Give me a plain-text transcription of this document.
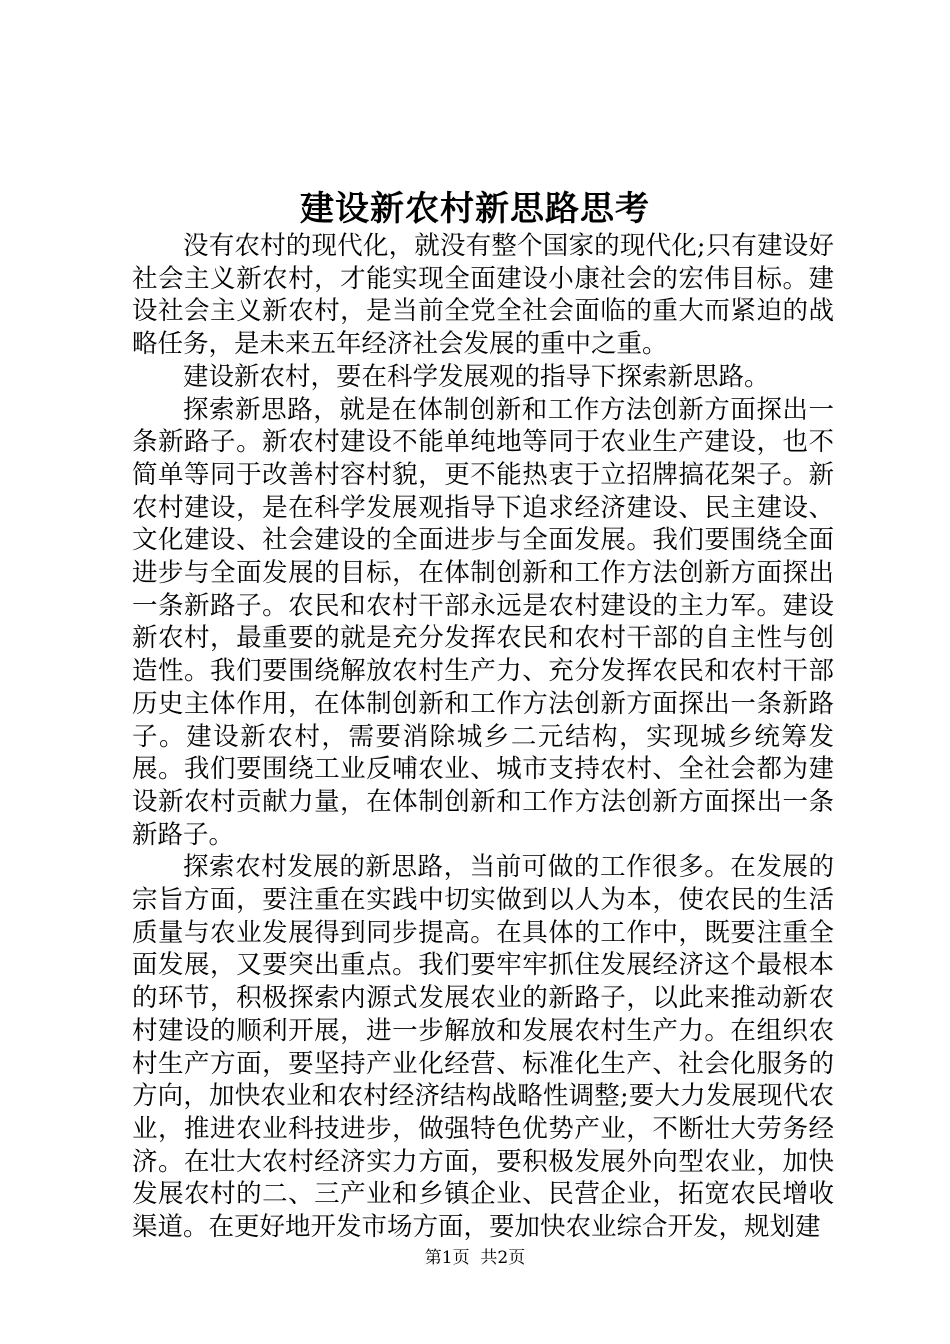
建设新农村新思路思考

没有农村的现代化，就没有整个国家的现代化;只有建设好社会主义新农村，才能实现全面建设小康社会的宏伟目标。建设社会主义新农村，是当前全党全社会面临的重大而紧迫的战略任务，是未来五年经济社会发展的重中之重。

建设新农村，要在科学发展观的指导下探索新思路。

探索新思路，就是在体制创新和工作方法创新方面探出一条新路子。新农村建设不能单纯地等同于农业生产建设，也不简单等同于改善村容村貌，更不能热衷于立招牌搞花架子。新农村建设，是在科学发展观指导下追求经济建设、民主建设、文化建设、社会建设的全面进步与全面发展。我们要围绕全面进步与全面发展的目标，在体制创新和工作方法创新方面探出一条新路子。农民和农村干部永远是农村建设的主力军。建设新农村，最重要的就是充分发挥农民和农村干部的自主性与创造性。我们要围绕解放农村生产力、充分发挥农民和农村干部历史主体作用，在体制创新和工作方法创新方面探出一条新路子。建设新农村，需要消除城乡二元结构，实现城乡统筹发展。我们要围绕工业反哺农业、城市支持农村、全社会都为建设新农村贡献力量，在体制创新和工作方法创新方面探出一条新路子。

探索农村发展的新思路，当前可做的工作很多。在发展的宗旨方面，要注重在实践中切实做到以人为本，使农民的生活质量与农业发展得到同步提高。在具体的工作中，既要注重全面发展，又要突出重点。我们要牢牢抓住发展经济这个最根本的环节，积极探索内源式发展农业的新路子，以此来推动新农村建设的顺利开展，进一步解放和发展农村生产力。在组织农村生产方面，要坚持产业化经营、标准化生产、社会化服务的方向，加快农业和农村经济结构战略性调整;要大力发展现代农业，推进农业科技进步，做强特色优势产业，不断壮大劳务经济。在壮大农村经济实力方面，要积极发展外向型农业，加快发展农村的二、三产业和乡镇企业、民营企业，拓宽农民增收渠道。在更好地开发市场方面，要加快农业综合开发，规划建

第1页 共2页
